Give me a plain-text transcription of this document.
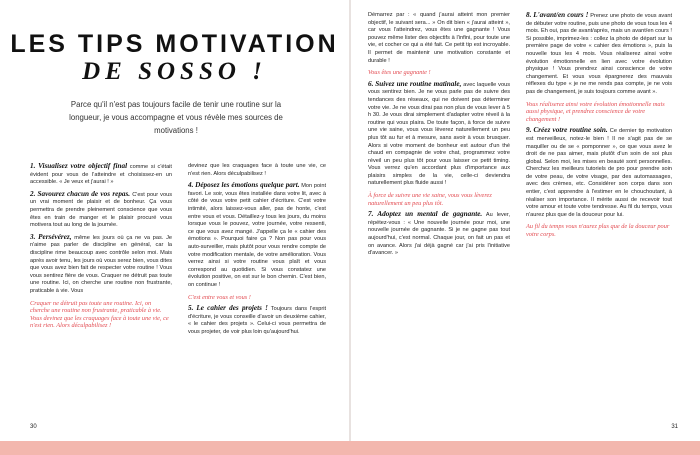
LES TIPS MOTIVATION
DE SOSSO !
Parce qu'il n'est pas toujours facile de tenir une routine sur la longueur, je vous accompagne et vous révèle mes sources de motivations !

1. Visualisez votre objectif final comme si c'était évident pour vous de l'atteindre et choisissez-en un accessible. « Je veux et j'aurai ! »

2. Savourez chacun de vos repas. C'est pour vous un vrai moment de plaisir et de bonheur. Ça vous permettra de prendre pleinement conscience que vous êtes en train de manger et le plaisir procuré vous motivera tout au long de la journée.

3. Persévérez, même les jours où ça ne va pas. Je n'aime pas parler de discipline en général, car la discipline rime beaucoup avec contrôle selon moi. Mais après avoir tenu, les jours où vous serez bien, vous dites que vous avez bien fait de respecter votre routine ! Vous vous sentirez fière de vous. Craquer ne détruit pas toute une routine. Ici, on cherche une routine non frustrante, praticable à vie. Vous

Craquer ne détruit pas toute une routine. Ici, on cherche une routine non frustrante, praticable à vie. Vous devinez que les craquages face à toute une vie, ce n'est rien. Alors déculpabilisez !

devinez que les craquages face à toute une vie, ce n'est rien. Alors déculpabilisez !

4. Déposez les émotions quelque part. Mon point favori. Le soir, vous êtes installée dans votre lit, avec à côté de vous votre petit cahier d'écriture. C'est votre intimité, alors laissez-vous aller, pas de honte, c'est entre vous et vous. Détaillez-y tous les jours, du moins lorsque vous le pouvez, votre journée, votre ressenti, ce que vous avez mangé. J'appelle ça le « cahier des émotions ». Pourquoi faire ça ? Non pas pour vous auto-surveiller, mais plutôt pour vous rendre compte de votre modification mentale, de votre amélioration. Vous verrez ainsi si votre routine vous plaît et vous correspond au quotidien. Si vous constatez une évolution positive, on est sur le bon chemin. C'est bien, on continue !

C'est entre vous et vous !

5. Le cahier des projets ! Toujours dans l'esprit d'écriture, je vous conseille d'avoir un deuxième cahier, « le cahier des projets ». Celui-ci vous permettra de vous projeter, de voir plus loin qu'aujourd'hui.

30

Démarrez par : « quand j'aurai atteint mon premier objectif, le suivant sera... » On dit bien « j'aurai atteint », car vous l'atteindrez, vous êtes une gagnante ! Vous pouvez même lister des objectifs à l'infini, pour toute une vie, et cocher ce qui a été fait. Ce petit tip est incroyable. Il permet de maintenir une motivation constante et durable !

Vous êtes une gagnante !

6. Suivez une routine matinale, avec laquelle vous vous sentirez bien. Je ne vous parle pas de suivre des tendances des réseaux, qui ne doivent pas déterminer votre vie. Je ne vous dirai pas non plus de vous lever à 5 h 30. Je vous dirai simplement d'adapter votre réveil à la routine qui vous plaira. De toute façon, à force de suivre une vie saine, vous vous lèverez naturellement un peu plus tôt au fur et à mesure, sans avoir à vous brusquer. Alors si votre moment de bonheur est autour d'un thé chaud en compagnie de votre chat, programmez votre réveil un peu plus tôt pour vous laisser ce petit timing. Vous verrez qu'en accordant plus d'importance aux plaisirs simples de la vie, celle-ci deviendra naturellement plus fluide aussi !

À force de suivre une vie saine, vous vous lèverez naturellement un peu plus tôt.

7. Adoptez un mental de gagnante. Au lever, répétez-vous : « Une nouvelle journée pour moi, une nouvelle journée de gagnante. Si je ne gagne pas tout aujourd'hui, c'est normal. Chaque jour, on fait un pas et on avance. Alors j'ai déjà gagné car j'ai pris l'initiative d'avancer. »

8. L'avant/en cours ! Prenez une photo de vous avant de débuter votre routine, puis une photo de vous tous les 4 mois. Eh oui, pas de avant/après, mais un avant/en cours ! Si possible, imprimez-les : collez la photo de départ sur la première page de votre « cahier des émotions », puis la nouvelle tous les 4 mois. Vous réaliserez ainsi votre évolution émotionnelle en lien avec votre évolution physique ! Vous prendrez ainsi conscience de votre changement. Et vous vous épargnerez des mauvais réflexes du type « je ne me rends pas compte, je ne vois pas de changement, je suis toujours comme avant ».

Vous réaliserez ainsi votre évolution émotionnelle mais aussi physique, et prendrez conscience de votre changement !

9. Créez votre routine soin. Ce dernier tip motivation est merveilleux, notez-le bien ! Il ne s'agit pas de se maquiller ou de se « pomponner », ce que vous avez le droit de ne pas aimer, mais plutôt d'un soin de soi plus global. Selon moi, les mises en beauté sont personnelles. Cherchez les meilleurs tutoriels de pro pour prendre soin de votre peau, de votre visage, par des automassages, avec des crèmes, etc. Considérer son corps dans son entier, c'est apprendre à l'estimer en le chouchoutant, à réaliser son importance. Il mérite aussi de recevoir tout votre amour et toute votre tendresse. Au fil du temps, vous n'aurez plus que de la douceur pour lui.

Au fil du temps vous n'aurez plus que de la douceur pour votre corps.
31
